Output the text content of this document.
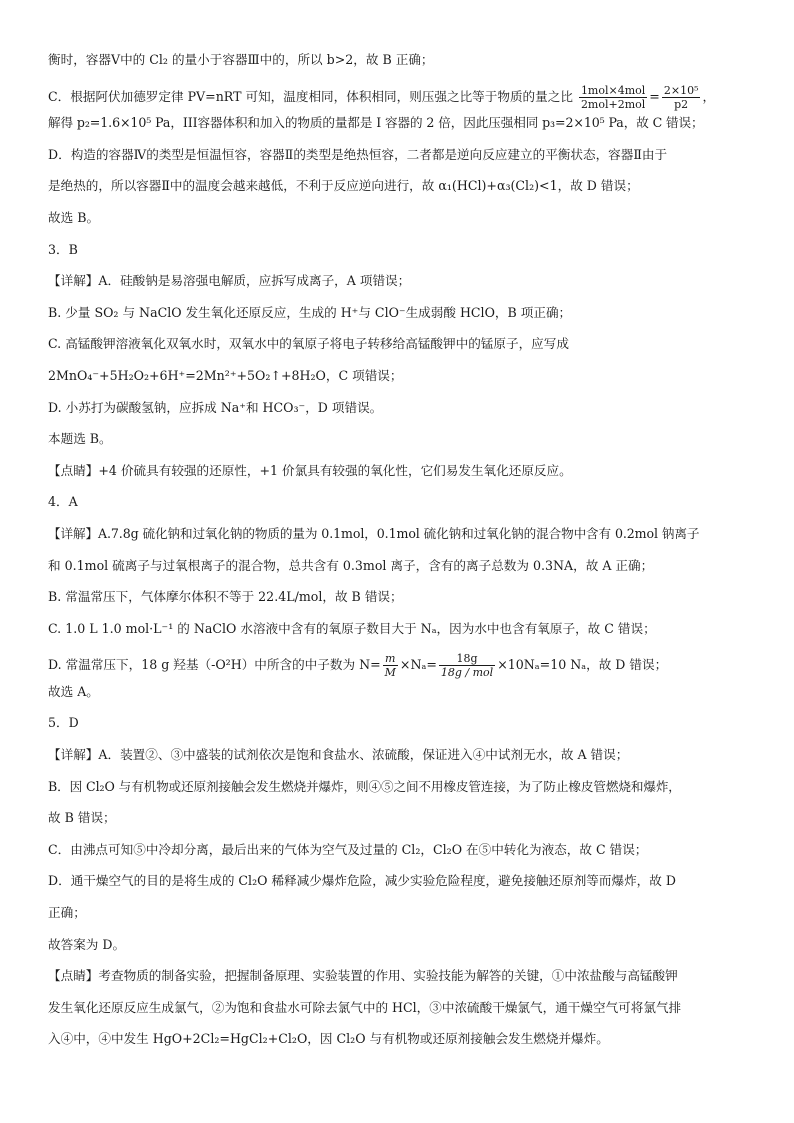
衡时，容器Ⅴ中的 Cl₂ 的量小于容器Ⅲ中的，所以 b>2，故 B 正确；
C．根据阿伏加德罗定律 PV=nRT 可知，温度相同，体积相同，则压强之比等于物质的量之比 $\frac{\text{1mol×4mol}}{\text{2mol+2mol}} = \frac{\text{2×10⁵}}{p2}$ ，
解得 p₂=1.6×10⁵ Pa，III容器体积和加入的物质的量都是 I 容器的 2 倍，因此压强相同 p₃=2×10⁵ Pa，故 C 错误；
D．构造的容器Ⅳ的类型是恒温恒容，容器Ⅱ的类型是绝热恒容，二者都是逆向反应建立的平衡状态，容器Ⅱ由于
是绝热的，所以容器Ⅱ中的温度会越来越低，不利于反应逆向进行，故 α₁(HCl)+α₃(Cl₂)<1，故 D 错误；
故选 B。
3．B
【详解】A．硅酸钠是易溶强电解质，应拆写成离子，A 项错误；
B. 少量 SO₂ 与 NaClO 发生氧化还原反应，生成的 H⁺与 ClO⁻生成弱酸 HClO，B 项正确；
C. 高锰酸钾溶液氧化双氧水时，双氧水中的氧原子将电子转移给高锰酸钾中的锰原子，应写成
2MnO₄⁻+5H₂O₂+6H⁺=2Mn²⁺+5O₂↑+8H₂O，C 项错误；
D. 小苏打为碳酸氢钠，应拆成 Na⁺和 HCO₃⁻，D 项错误。
本题选 B。
【点睛】+4 价硫具有较强的还原性，+1 价氯具有较强的氧化性，它们易发生氧化还原反应。
4．A
【详解】A.7.8g 硫化钠和过氧化钠的物质的量为 0.1mol，0.1mol 硫化钠和过氧化钠的混合物中含有 0.2mol 钠离子
和 0.1mol 硫离子与过氧根离子的混合物，总共含有 0.3mol 离子，含有的离子总数为 0.3NA，故 A 正确；
B. 常温常压下，气体摩尔体积不等于 22.4L/mol，故 B 错误；
C. 1.0 L 1.0 mol·L⁻¹ 的 NaClO 水溶液中含有的氧原子数目大于 Nₐ，因为水中也含有氧原子，故 C 错误；
D. 常温常压下，18 g 羟基（-O²H）中所含的中子数为 $N= \frac{m}{M} \times N_a= \frac{18g}{\text{18g / mol}} \times 10N_a=10$ Nₐ，故 D 错误；
故选 A。
5．D
【详解】A．装置②、③中盛装的试剂依次是饱和食盐水、浓硫酸，保证进入④中试剂无水，故 A 错误；
B．因 Cl₂O 与有机物或还原剂接触会发生燃烧并爆炸，则④⑤之间不用橡皮管连接，为了防止橡皮管燃烧和爆炸，
故 B 错误；
C．由沸点可知⑤中冷却分离，最后出来的气体为空气及过量的 Cl₂，Cl₂O 在⑤中转化为液态，故 C 错误；
D．通干燥空气的目的是将生成的 Cl₂O 稀释减少爆炸危险，减少实验危险程度，避免接触还原剂等而爆炸，故 D
正确；
故答案为 D。
【点睛】考查物质的制备实验，把握制备原理、实验装置的作用、实验技能为解答的关键，①中浓盐酸与高锰酸钾
发生氧化还原反应生成氯气，②为饱和食盐水可除去氯气中的 HCl，③中浓硫酸干燥氯气，通干燥空气可将氯气排
入④中，④中发生 HgO+2Cl₂=HgCl₂+Cl₂O，因 Cl₂O 与有机物或还原剂接触会发生燃烧并爆炸。
